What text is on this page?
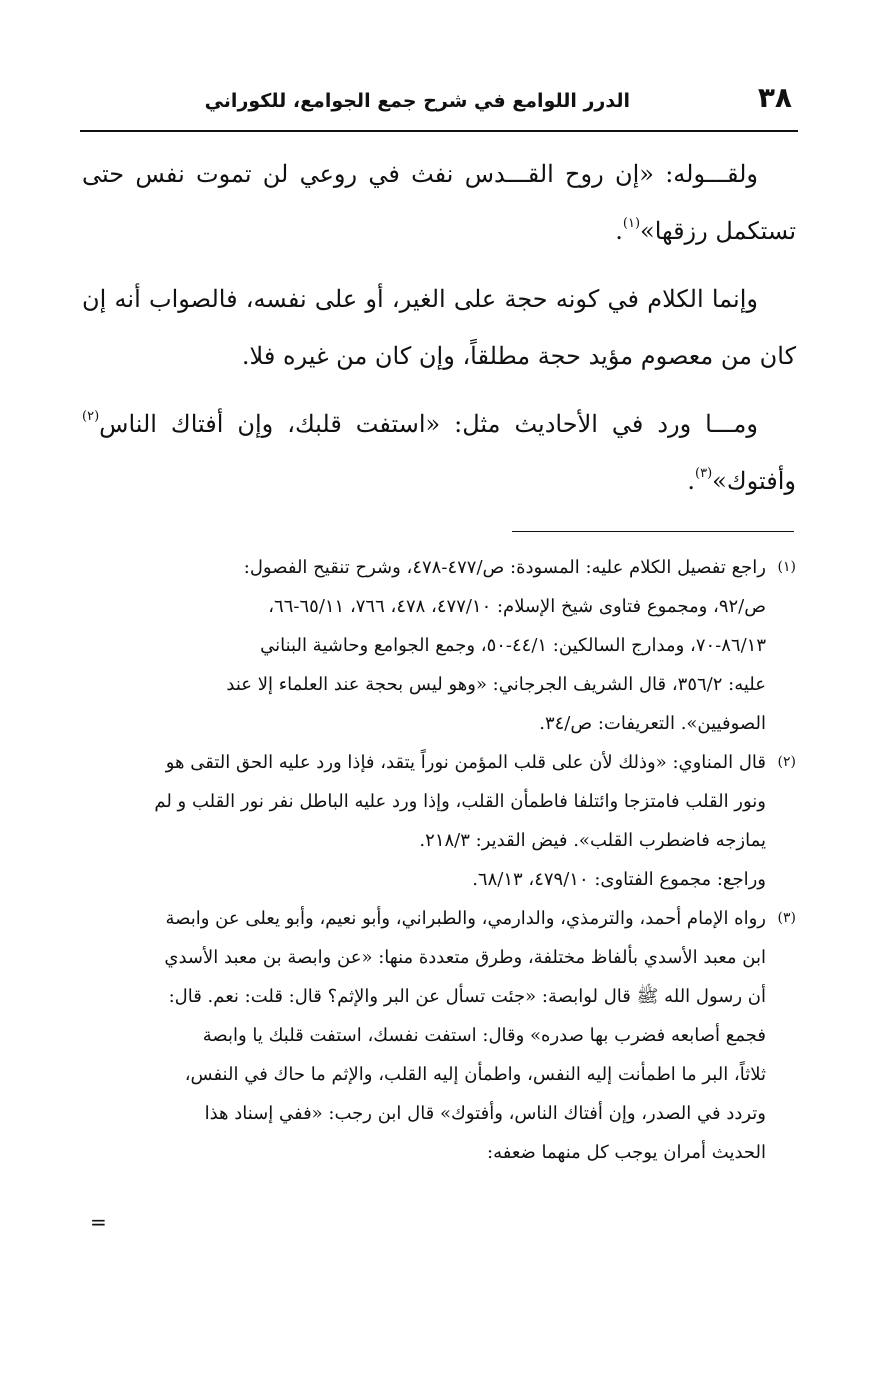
٣٨
الدرر اللوامع في شرح جمع الجوامع، للكوراني

ولقـــوله: «إن روح القـــدس نفث في روعي لن تموت نفس حتى تستكمل رزقها»$^{(١)}$.

وإنما الكلام في كونه حجة على الغير، أو على نفسه، فالصواب أنه إن كان من معصوم مؤيد حجة مطلقاً، وإن كان من غيره فلا.

ومـــا ورد في الأحاديث مثل: «استفت قلبك، وإن أفتاك الناس$^{(٢)}$ وأفتوك»$^{(٣)}$.

(١)
راجع تفصيل الكلام عليه: المسودة: ص/٤٧٧-٤٧٨، وشرح تنقيح الفصول:
ص/٩٢، ومجموع فتاوى شيخ الإسلام: ٤٧٧/١٠، ٤٧٨، ٧٦٦، ٦٥/١١-٦٦،
٨٦/١٣-٧٠، ومدارج السالكين: ٤٤/١-٥٠، وجمع الجوامع وحاشية البناني
عليه: ٣٥٦/٢، قال الشريف الجرجاني: «وهو ليس بحجة عند العلماء إلا عند
الصوفيين». التعريفات: ص/٣٤.
(٢)
قال المناوي: «وذلك لأن على قلب المؤمن نوراً يتقد، فإذا ورد عليه الحق التقى هو
ونور القلب فامتزجا وائتلفا فاطمأن القلب، وإذا ورد عليه الباطل نفر نور القلب و لم
يمازجه فاضطرب القلب». فيض القدير: ٢١٨/٣.
وراجع: مجموع الفتاوى: ٤٧٩/١٠، ٦٨/١٣.
(٣)
رواه الإمام أحمد، والترمذي، والدارمي، والطبراني، وأبو نعيم، وأبو يعلى عن وابصة
ابن معبد الأسدي بألفاظ مختلفة، وطرق متعددة منها: «عن وابصة بن معبد الأسدي
أن رسول الله ﷺ قال لوابصة: «جئت تسأل عن البر والإثم؟ قال: قلت: نعم. قال:
فجمع أصابعه فضرب بها صدره» وقال: استفت نفسك، استفت قلبك يا وابصة
ثلاثاً، البر ما اطمأنت إليه النفس، واطمأن إليه القلب، والإثم ما حاك في النفس،
وتردد في الصدر، وإن أفتاك الناس، وأفتوك» قال ابن رجب: «ففي إسناد هذا
الحديث أمران يوجب كل منهما ضعفه:
=
